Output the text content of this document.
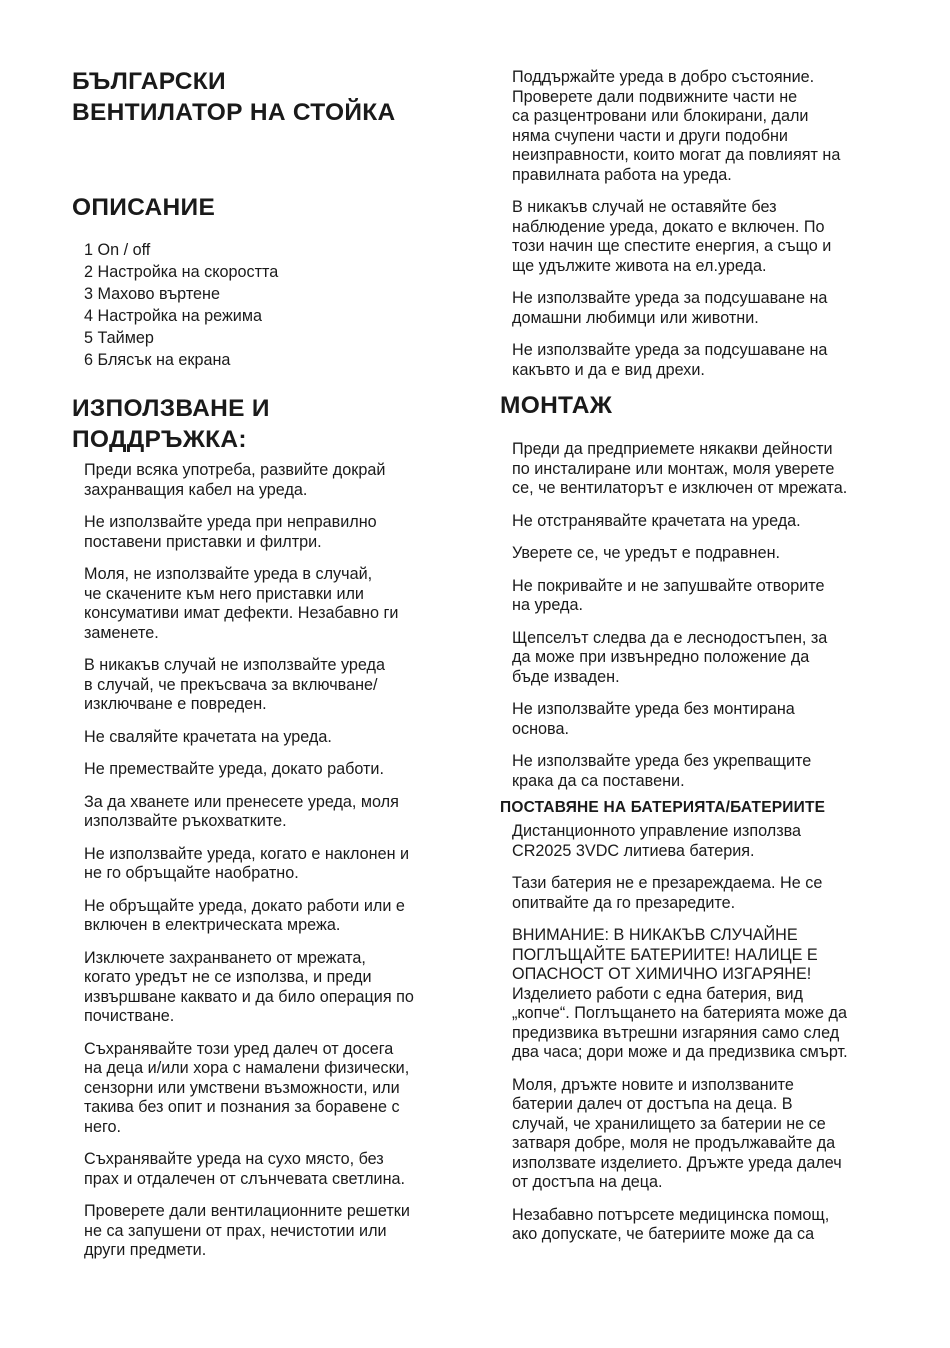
БЪЛГАРСКИ
ВЕНТИЛАТОР НА СТОЙКА
ОПИСАНИЕ
1 On / off
2 Настройка на скоростта
3 Махово въртене
4 Настройка на режима
5 Таймер
6 Блясък на екрана
ИЗПОЛЗВАНЕ И
ПОДДРЪЖКА:

Преди всяка употреба, развийте докрай
захранващия кабел на уреда.

Не използвайте уреда при неправилно
поставени приставки и филтри.

Моля, не използвайте уреда в случай,
че скачените към него приставки или
консумативи имат дефекти. Незабавно ги
заменете.

В никакъв случай не използвайте уреда
в случай, че прекъсвача за включване/
изключване е повреден.

Не сваляйте крачетата на уреда.

Не премествайте уреда, докато работи.

За да хванете или пренесете уреда, моля
използвайте ръкохватките.

Не използвайте уреда, когато е наклонен и
не го обръщайте наобратно.

Не обръщайте уреда, докато работи или е
включен в електрическата мрежа.

Изключете захранването от мрежата,
когато уредът не се използва, и преди
извършване каквато и да било операция по
почистване.

Съхранявайте този уред далеч от досега
на деца и/или хора с намалени физически,
сензорни или умствени възможности, или
такива без опит и познания за боравене с
него.

Съхранявайте уреда на сухо място, без
прах и отдалечен от слънчевата светлина.

Проверете дали вентилационните решетки
не са запушени от прах, нечистотии или
други предмети.

Поддържайте уреда в добро състояние.
Проверете дали подвижните части не
са разцентровани или блокирани, дали
няма счупени части и други подобни
неизправности, които могат да повлияят на
правилната работа на уреда.

В никакъв случай не оставяйте без
наблюдение уреда, докато е включен. По
този начин ще спестите енергия, а също и
ще удължите живота на ел.уреда.

Не използвайте уреда за подсушаване на
домашни любимци или животни.

Не използвайте уреда за подсушаване на
какъвто и да е вид дрехи.

МОНТАЖ

Преди да предприемете някакви дейности
по инсталиране или монтаж, моля уверете
се, че вентилаторът е изключен от мрежата.

Не отстранявайте крачетата на уреда.

Уверете се, че уредът е подравнен.

Не покривайте и не запушвайте отворите
на уреда.

Щепселът следва да е леснодостъпен, за
да може при извънредно положение да
бъде изваден.

Не използвайте уреда без монтирана
основа.

Не използвайте уреда без укрепващите
крака да са поставени.

ПОСТАВЯНЕ НА БАТЕРИЯТА/БАТЕРИИТЕ

Дистанционното управление използва
CR2025 3VDC литиева батерия.

Тази батерия не е презареждаема. Не се
опитвайте да го презаредите.

ВНИМАНИЕ: В НИКАКЪВ СЛУЧАЙНЕ
ПОГЛЪЩАЙТЕ БАТЕРИИТЕ! НАЛИЦЕ Е
ОПАСНОСТ ОТ ХИМИЧНО ИЗГАРЯНЕ!
Изделието работи с една батерия, вид
„копче“. Поглъщането на батерията може да
предизвика вътрешни изгаряния само след
два часа; дори може и да предизвика смърт.

Моля, дръжте новите и използваните
батерии далеч от достъпа на деца. В
случай, че хранилището за батерии не се
затваря добре, моля не продължавайте да
използвате изделието. Дръжте уреда далеч
от достъпа на деца.

Незабавно потърсете медицинска помощ,
ако допускате, че батериите може да са
